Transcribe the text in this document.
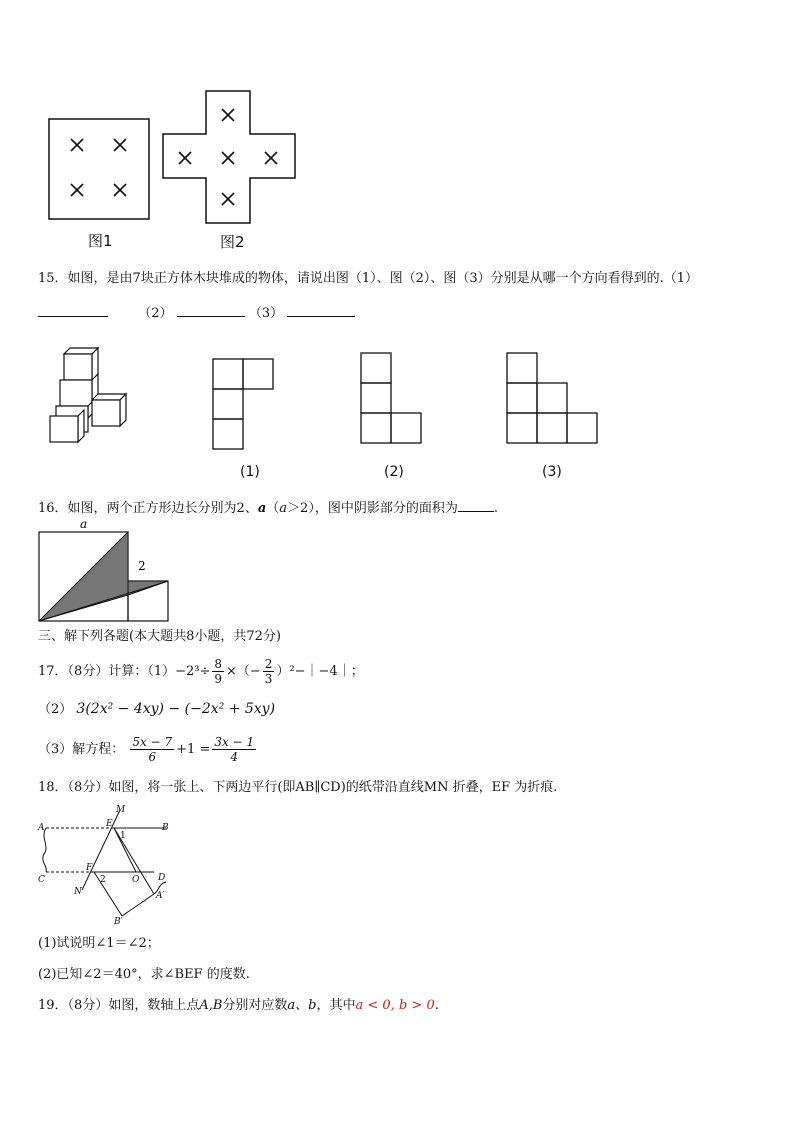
图1	图2
15．如图，是由7块正方体木块堆成的物体，请说出图（1）、图（2）、图（3）分别是从哪一个方向看得到的.（1）
（2）	（3）
(1)	(2)	(3)
16．如图，两个正方形边长分别为2、a（a＞2），图中阴影部分的面积为	.
a
2
三、解下列各题(本大题共8小题，共72分)
17．（8分）计算：$(1)-2^3\div \frac{8}{9}$ ×（− $\frac{2}{3}$ ）²−｜−4｜；
（2） 3(2x² − 4xy) − (−2x² + 5xy)
（3）解方程： $\frac{5x - 7}{6} +1 = \frac{3x - 1}{4}$
18．（8分）如图，将一张上、下两边平行(即AB∥CD)的纸带沿直线MN 折叠，EF 为折痕.
M
E
A	B
1
F
2	O
C	D
N
B′
A′
(1)试说明∠1＝∠2；
(2)已知∠2＝40°，求∠BEF 的度数.
19．（8分）如图，数轴上点A,B分别对应数a、b，其中a < 0, b > 0.
